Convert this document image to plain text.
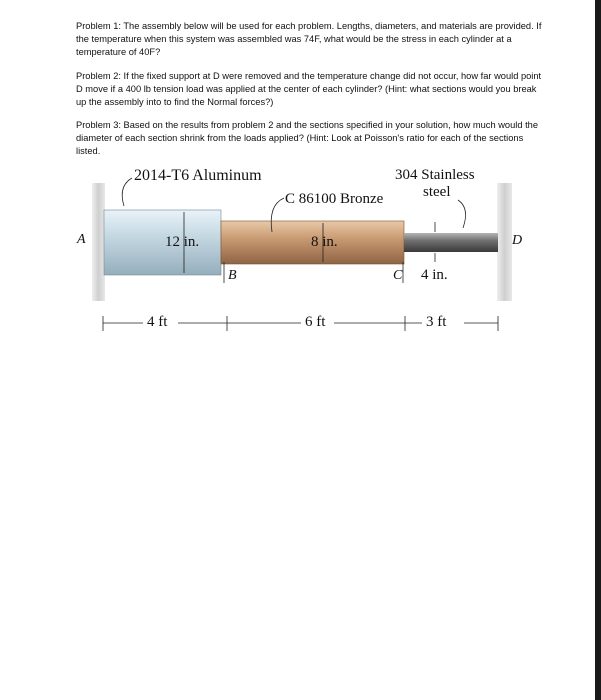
Problem 1: The assembly below will be used for each problem. Lengths, diameters, and materials are provided. If the temperature when this system was assembled was 74F, what would be the stress in each cylinder at a temperature of 40F?

Problem 2: If the fixed support at D were removed and the temperature change did not occur, how far would point D move if a 400 lb tension load was applied at the center of each cylinder? (Hint: what sections would you break up the assembly into to find the Normal forces?)

Problem 3: Based on the results from problem 2 and the sections specified in your solution, how much would the diameter of each section shrink from the loads applied? (Hint: Look at Poisson's ratio for each of the sections listed.

2014-T6 Aluminum
C 86100 Bronze
304 Stainless
steel
A
B	C
D
12 in.	8 in.
4 in.
4 ft	6 ft	3 ft
